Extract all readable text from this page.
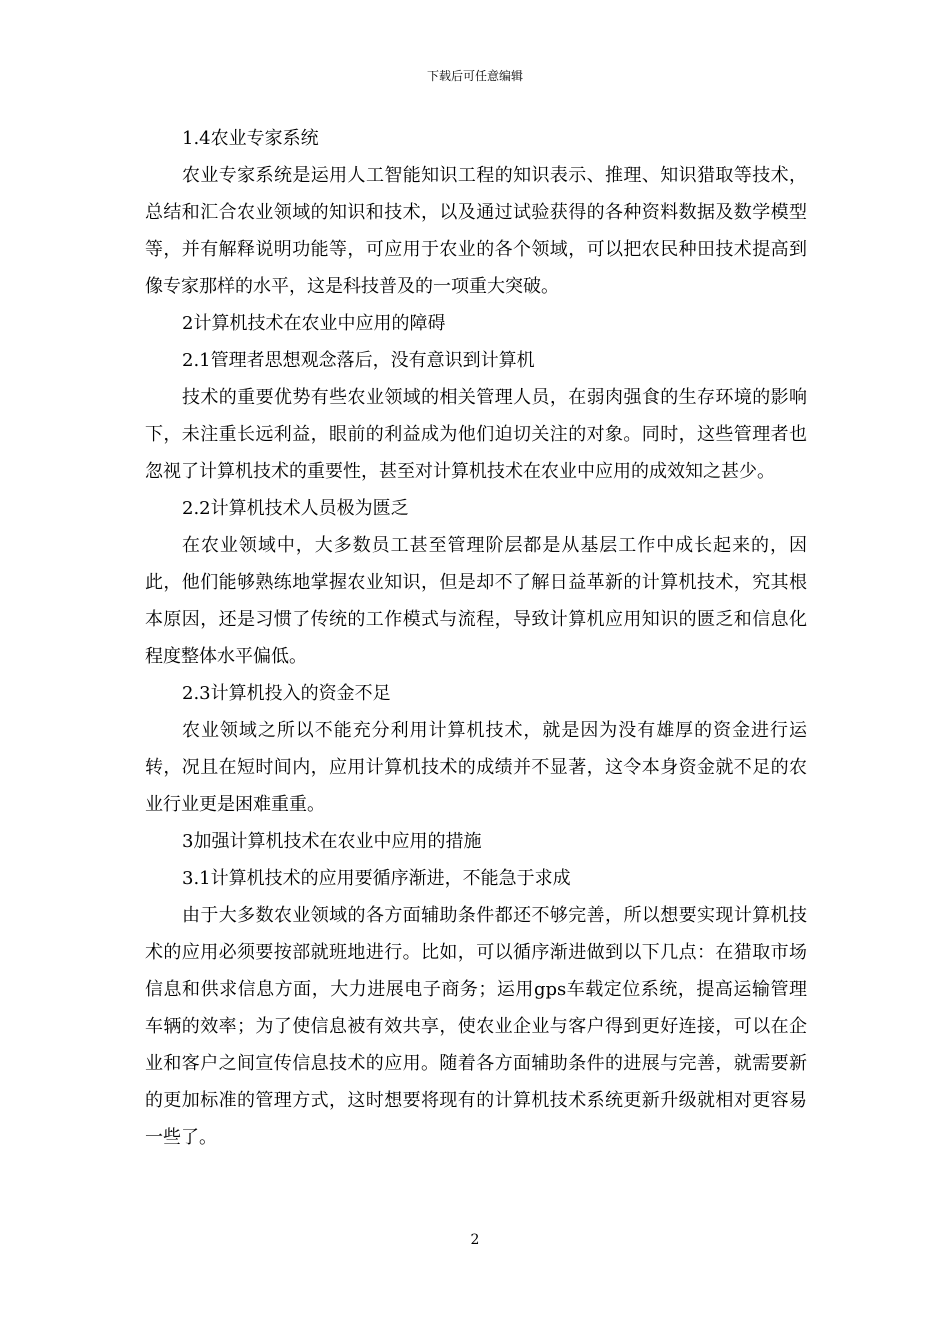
下载后可任意编辑

1.4农业专家系统

农业专家系统是运用人工智能知识工程的知识表示、推理、知识猎取等技术，总结和汇合农业领域的知识和技术，以及通过试验获得的各种资料数据及数学模型等，并有解释说明功能等，可应用于农业的各个领域，可以把农民种田技术提高到像专家那样的水平，这是科技普及的一项重大突破。

2计算机技术在农业中应用的障碍

2.1管理者思想观念落后，没有意识到计算机

技术的重要优势有些农业领域的相关管理人员，在弱肉强食的生存环境的影响下，未注重长远利益，眼前的利益成为他们迫切关注的对象。同时，这些管理者也忽视了计算机技术的重要性，甚至对计算机技术在农业中应用的成效知之甚少。

2.2计算机技术人员极为匮乏

在农业领域中，大多数员工甚至管理阶层都是从基层工作中成长起来的，因此，他们能够熟练地掌握农业知识，但是却不了解日益革新的计算机技术，究其根本原因，还是习惯了传统的工作模式与流程，导致计算机应用知识的匮乏和信息化程度整体水平偏低。

2.3计算机投入的资金不足

农业领域之所以不能充分利用计算机技术，就是因为没有雄厚的资金进行运转，况且在短时间内，应用计算机技术的成绩并不显著，这令本身资金就不足的农业行业更是困难重重。

3加强计算机技术在农业中应用的措施

3.1计算机技术的应用要循序渐进，不能急于求成

由于大多数农业领域的各方面辅助条件都还不够完善，所以想要实现计算机技术的应用必须要按部就班地进行。比如，可以循序渐进做到以下几点：在猎取市场信息和供求信息方面，大力进展电子商务；运用gps车载定位系统，提高运输管理车辆的效率；为了使信息被有效共享，使农业企业与客户得到更好连接，可以在企业和客户之间宣传信息技术的应用。随着各方面辅助条件的进展与完善，就需要新的更加标准的管理方式，这时想要将现有的计算机技术系统更新升级就相对更容易一些了。

2
